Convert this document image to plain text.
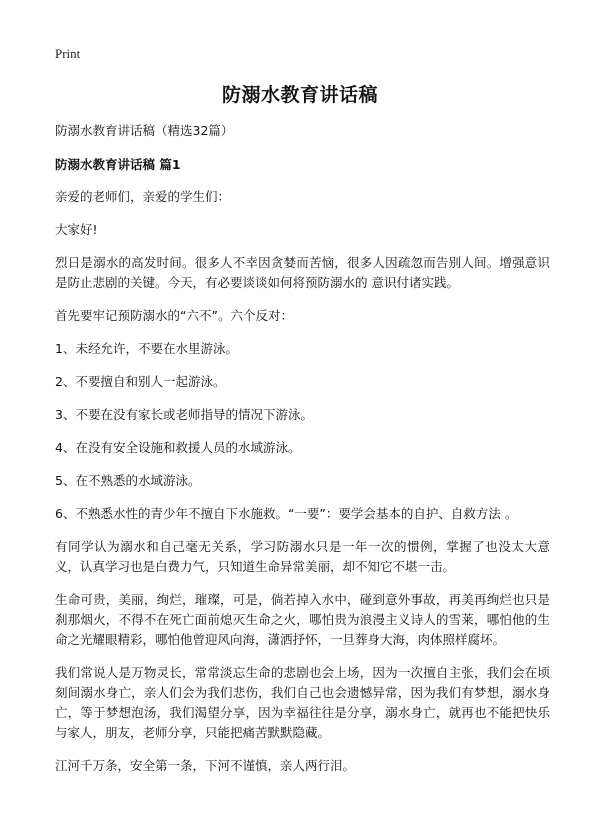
Print
防溺水教育讲话稿

防溺水教育讲话稿（精选32篇）

防溺水教育讲话稿 篇1

亲爱的老师们，亲爱的学生们：

大家好!

烈日是溺水的高发时间。很多人不幸因贪婪而苦恼，很多人因疏忽而告别人间。增强意识是防止悲剧的关键。今天，有必要谈谈如何将预防溺水的 意识付诸实践。

首先要牢记预防溺水的“六不”。六个反对：

1、未经允许，不要在水里游泳。

2、不要擅自和别人一起游泳。

3、不要在没有家长或老师指导的情况下游泳。

4、在没有安全设施和救援人员的水域游泳。

5、在不熟悉的水域游泳。

6、不熟悉水性的青少年不擅自下水施救。“一要”：要学会基本的自护、自救方法 。

有同学认为溺水和自己毫无关系，学习防溺水只是一年一次的惯例，掌握了也没太大意义，认真学习也是白费力气，只知道生命异常美丽，却不知它不堪一击。

生命可贵，美丽，绚烂，璀璨，可是，倘若掉入水中，碰到意外事故，再美再绚烂也只是刹那烟火，不得不在死亡面前熄灭生命之火，哪怕贵为浪漫主义诗人的雪莱，哪怕他的生命之光耀眼精彩，哪怕他曾迎风向海，潇洒抒怀，一旦葬身大海，肉体照样腐坏。

我们常说人是万物灵长，常常淡忘生命的悲剧也会上场，因为一次擅自主张，我们会在顷刻间溺水身亡，亲人们会为我们悲伤，我们自己也会遗憾异常，因为我们有梦想，溺水身亡，等于梦想泡汤，我们渴望分享，因为幸福往往是分享，溺水身亡，就再也不能把快乐与家人，朋友，老师分享，只能把痛苦默默隐藏。

江河千万条，安全第一条，下河不谨慎，亲人两行泪。
